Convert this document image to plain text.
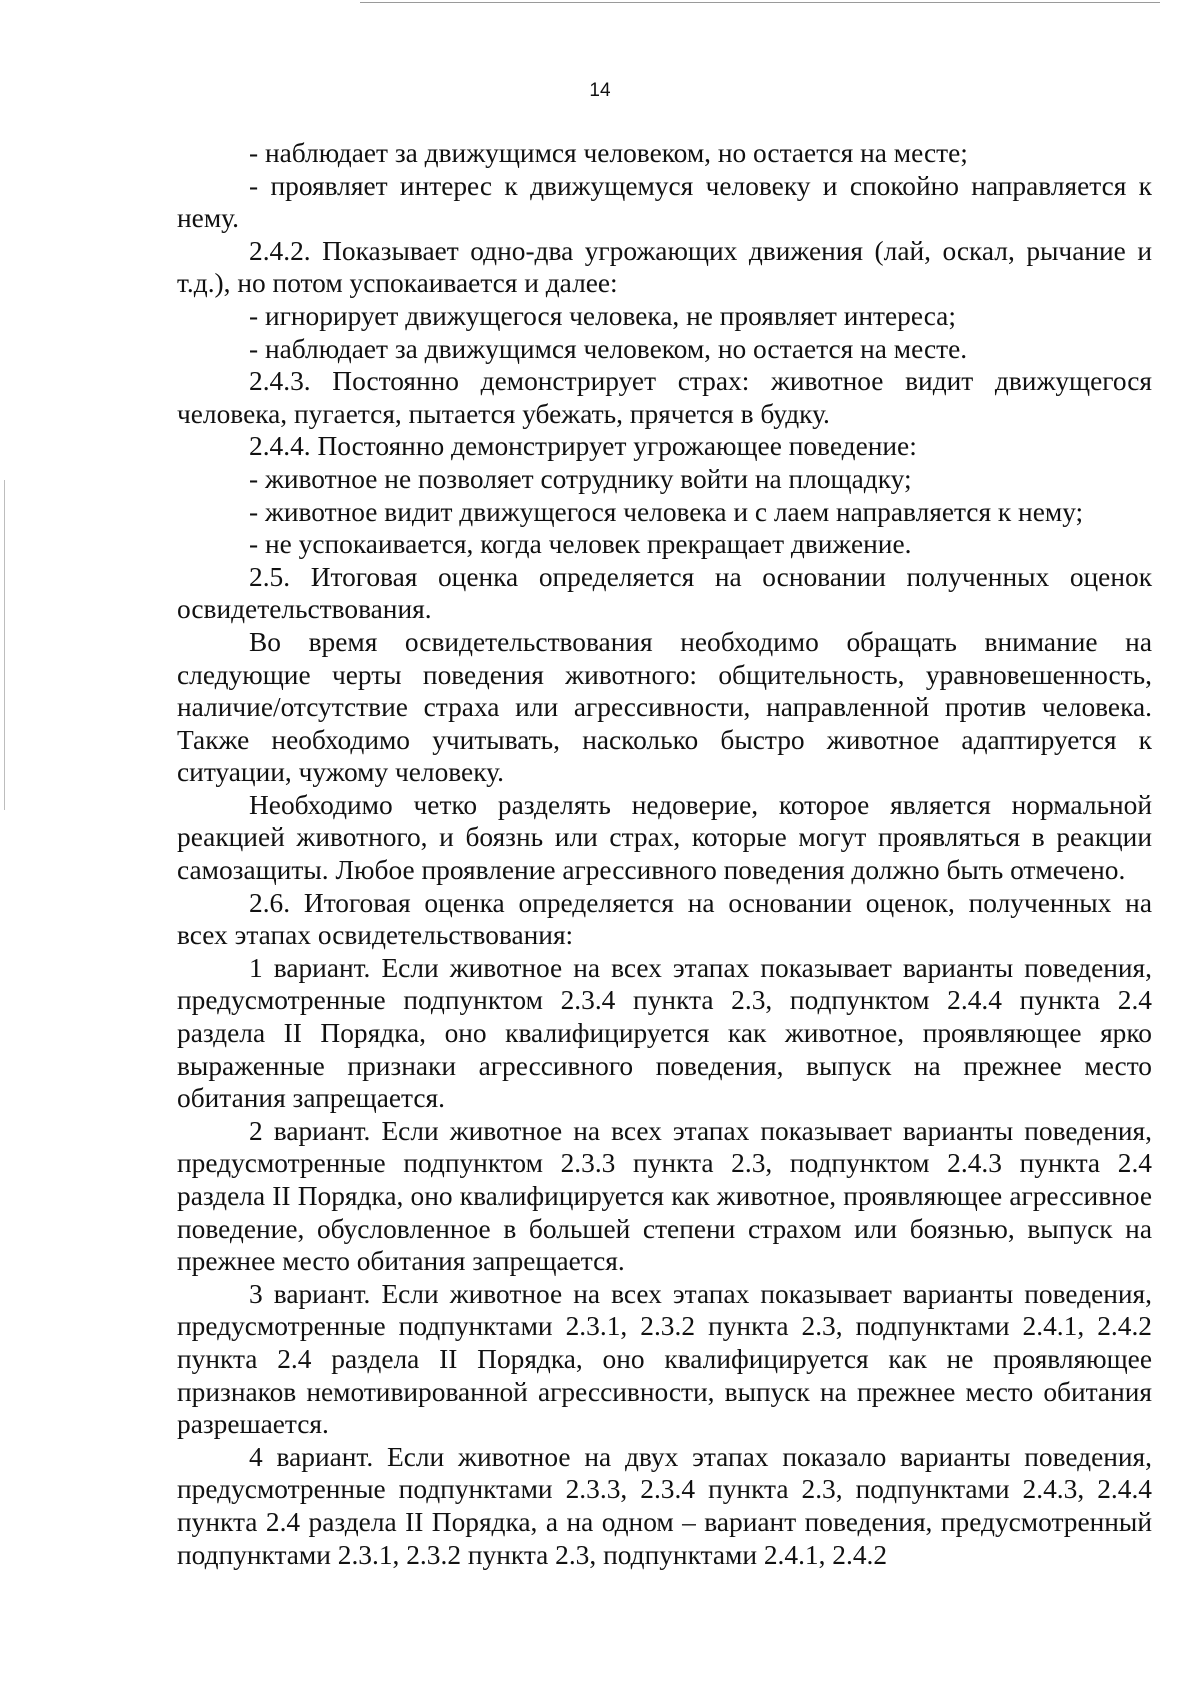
14

- наблюдает за движущимся человеком, но остается на месте;

- проявляет интерес к движущемуся человеку и спокойно направляется к нему.

2.4.2. Показывает одно-два угрожающих движения (лай, оскал, рычание и т.д.), но потом успокаивается и далее:

- игнорирует движущегося человека, не проявляет интереса;

- наблюдает за движущимся человеком, но остается на месте.

2.4.3. Постоянно демонстрирует страх: животное видит движущегося человека, пугается, пытается убежать, прячется в будку.

2.4.4. Постоянно демонстрирует угрожающее поведение:

- животное не позволяет сотруднику войти на площадку;

- животное видит движущегося человека и с лаем направляется к нему;

- не успокаивается, когда человек прекращает движение.

2.5. Итоговая оценка определяется на основании полученных оценок освидетельствования.

Во время освидетельствования необходимо обращать внимание на следующие черты поведения животного: общительность, уравновешенность, наличие/отсутствие страха или агрессивности, направленной против человека. Также необходимо учитывать, насколько быстро животное адаптируется к ситуации, чужому человеку.

Необходимо четко разделять недоверие, которое является нормальной реакцией животного, и боязнь или страх, которые могут проявляться в реакции самозащиты. Любое проявление агрессивного поведения должно быть отмечено.

2.6. Итоговая оценка определяется на основании оценок, полученных на всех этапах освидетельствования:

1 вариант. Если животное на всех этапах показывает варианты поведения, предусмотренные подпунктом 2.3.4 пункта 2.3, подпунктом 2.4.4 пункта 2.4 раздела II Порядка, оно квалифицируется как животное, проявляющее ярко выраженные признаки агрессивного поведения, выпуск на прежнее место обитания запрещается.

2 вариант. Если животное на всех этапах показывает варианты поведения, предусмотренные подпунктом 2.3.3 пункта 2.3, подпунктом 2.4.3 пункта 2.4 раздела II Порядка, оно квалифицируется как животное, проявляющее агрессивное поведение, обусловленное в большей степени страхом или боязнью, выпуск на прежнее место обитания запрещается.

3 вариант. Если животное на всех этапах показывает варианты поведения, предусмотренные подпунктами 2.3.1, 2.3.2 пункта 2.3, подпунктами 2.4.1, 2.4.2 пункта 2.4 раздела II Порядка, оно квалифицируется как не проявляющее признаков немотивированной агрессивности, выпуск на прежнее место обитания разрешается.

4 вариант. Если животное на двух этапах показало варианты поведения, предусмотренные подпунктами 2.3.3, 2.3.4 пункта 2.3, подпунктами 2.4.3, 2.4.4 пункта 2.4 раздела II Порядка, а на одном – вариант поведения, предусмотренный подпунктами 2.3.1, 2.3.2 пункта 2.3, подпунктами 2.4.1, 2.4.2
